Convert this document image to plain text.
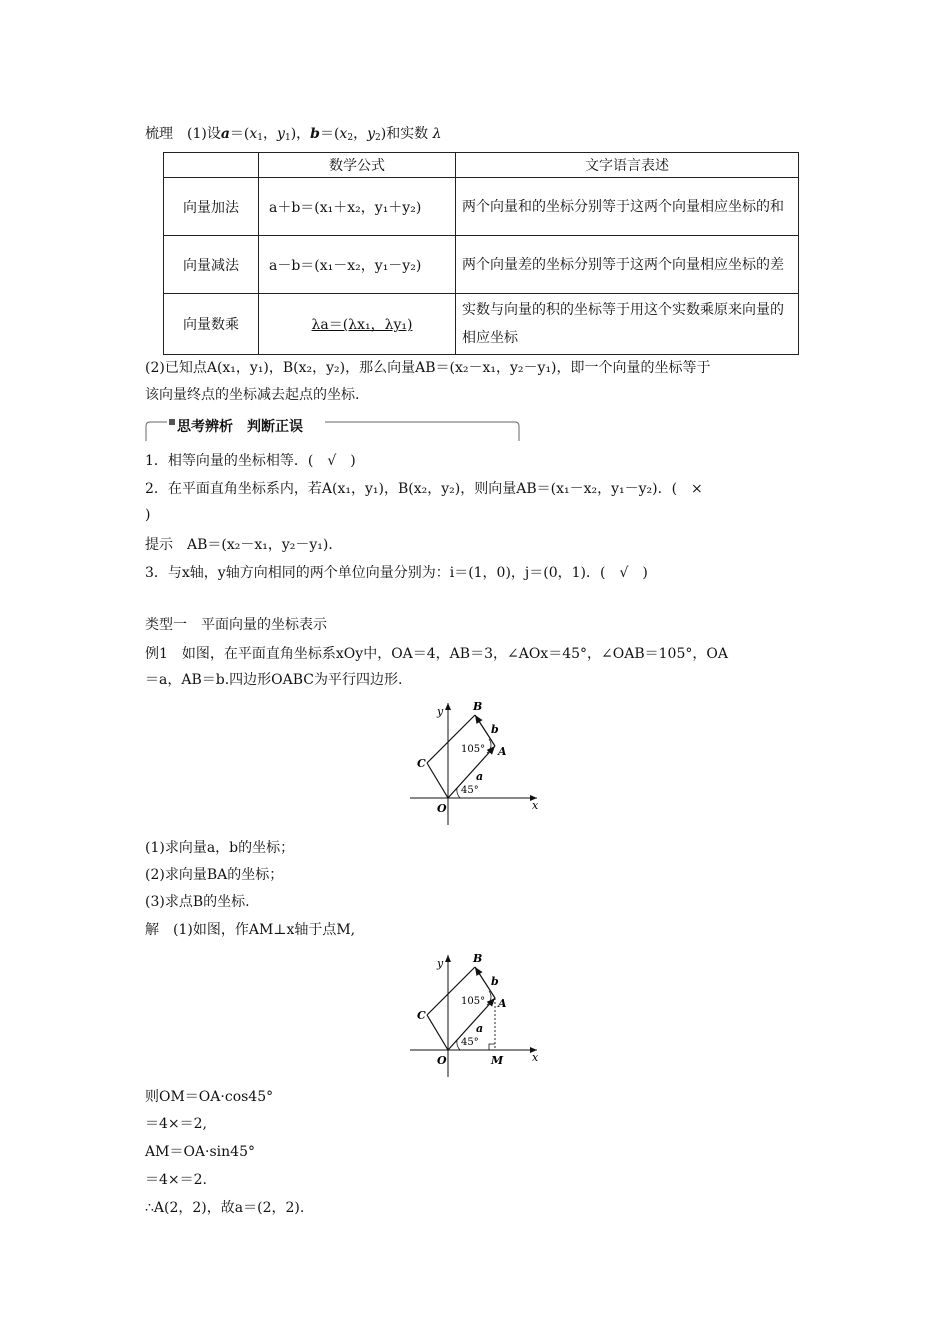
梳理　(1)设$a=(x_1$，$y_1$)，$b=(x_2$，$y_2$)和实数 λ
	数学公式	文字语言表述
向量加法	a＋b＝(x₁＋x₂，y₁＋y₂)	两个向量和的坐标分别等于这两个向量相应坐标的和
向量减法	a－b＝(x₁－x₂，y₁－y₂)	两个向量差的坐标分别等于这两个向量相应坐标的差
向量数乘	λa＝(λx₁，λy₁)	实数与向量的积的坐标等于用这个实数乘原来向量的相应坐标
(2)已知点A(x₁，y₁)，B(x₂，y₂)，那么向量AB＝(x₂－x₁，y₂－y₁)，即一个向量的坐标等于
该向量终点的坐标减去起点的坐标.
思考辨析　判断正误
1．相等向量的坐标相等．(　√　)
2．在平面直角坐标系内，若A(x₁，y₁)，B(x₂，y₂)，则向量AB＝(x₁－x₂，y₁－y₂)．(　×
)
提示　AB＝(x₂－x₁，y₂－y₁)．
3．与x轴，y轴方向相同的两个单位向量分别为：i＝(1，0)，j＝(0，1)．(　√　)
类型一　平面向量的坐标表示
例1　如图，在平面直角坐标系xOy中，OA＝4，AB＝3，∠AOx＝45°，∠OAB＝105°，OA
＝a，AB＝b.四边形OABC为平行四边形.
y
x
O
B
A
C
b
a
105°
45°
(1)求向量a，b的坐标；
(2)求向量BA的坐标；
(3)求点B的坐标.
解　(1)如图，作AM⊥x轴于点M,
y
x
O
B
A
C
M
b
a
105°
45°
则OM＝OA·cos45°
＝4×＝2,
AM＝OA·sin45°
＝4×＝2.
∴A(2，2)，故a＝(2，2).
